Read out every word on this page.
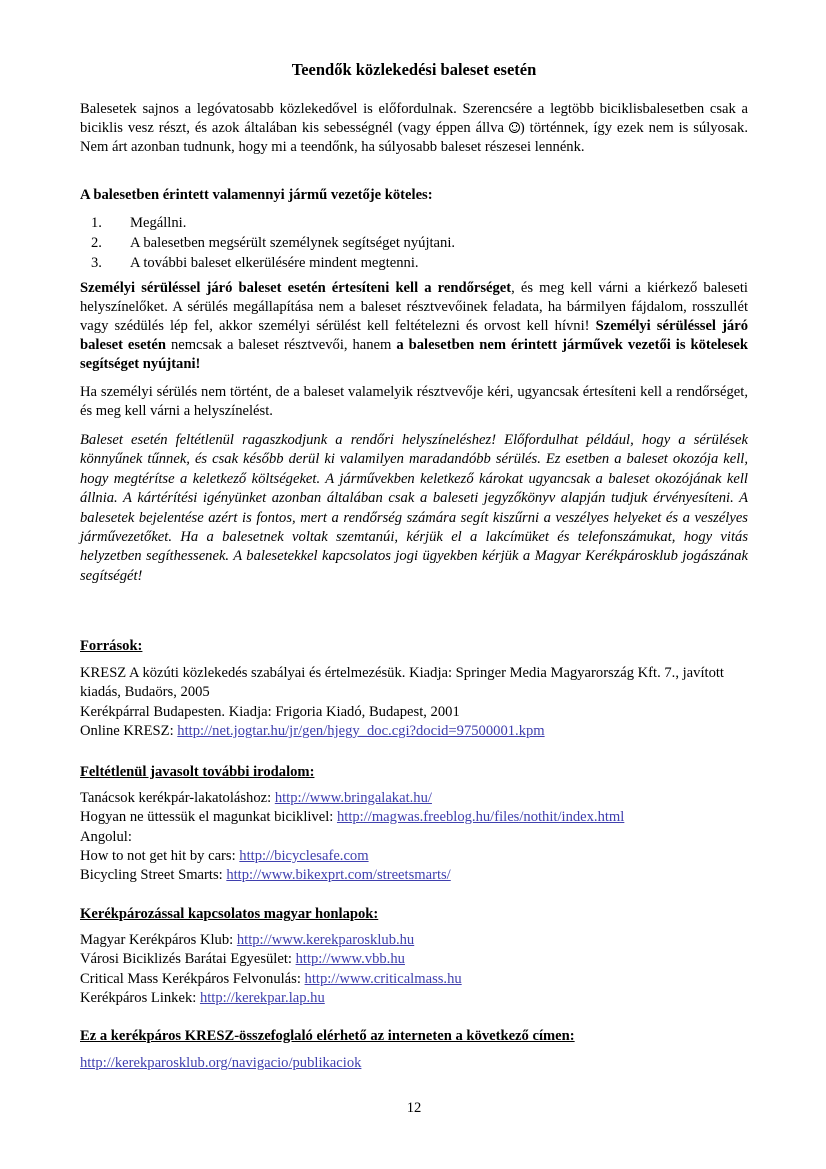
Teendők közlekedési baleset esetén

Balesetek sajnos a legóvatosabb közlekedővel is előfordulnak. Szerencsére a legtöbb biciklisbalesetben csak a biciklis vesz részt, és azok általában kis sebességnél (vagy éppen állva ) történnek, így ezek nem is súlyosak. Nem árt azonban tudnunk, hogy mi a teendőnk, ha súlyosabb baleset részesei lennénk.

A balesetben érintett valamennyi jármű vezetője köteles:

1. Megállni.
2. A balesetben megsérült személynek segítséget nyújtani.
3. A további baleset elkerülésére mindent megtenni.

Személyi sérüléssel járó baleset esetén értesíteni kell a rendőrséget, és meg kell várni a kiérkező baleseti helyszínelőket. A sérülés megállapítása nem a baleset résztvevőinek feladata, ha bármilyen fájdalom, rosszullét vagy szédülés lép fel, akkor személyi sérülést kell feltételezni és orvost kell hívni! Személyi sérüléssel járó baleset esetén nemcsak a baleset résztvevői, hanem a balesetben nem érintett járművek vezetői is kötelesek segítséget nyújtani!

Ha személyi sérülés nem történt, de a baleset valamelyik résztvevője kéri, ugyancsak értesíteni kell a rendőrséget, és meg kell várni a helyszínelést.

Baleset esetén feltétlenül ragaszkodjunk a rendőri helyszíneléshez! Előfordulhat például, hogy a sérülések könnyűnek tűnnek, és csak később derül ki valamilyen maradandóbb sérülés. Ez esetben a baleset okozója kell, hogy megtérítse a keletkező költségeket. A járművekben keletkező károkat ugyancsak a baleset okozójának kell állnia. A kártérítési igényünket azonban általában csak a baleseti jegyzőkönyv alapján tudjuk érvényesíteni. A balesetek bejelentése azért is fontos, mert a rendőrség számára segít kiszűrni a veszélyes helyeket és a veszélyes járművezetőket. Ha a balesetnek voltak szemtanúi, kérjük el a lakcímüket és telefonszámukat, hogy vitás helyzetben segíthessenek. A balesetekkel kapcsolatos jogi ügyekben kérjük a Magyar Kerékpárosklub jogászának segítségét!

Források:

KRESZ A közúti közlekedés szabályai és értelmezésük. Kiadja: Springer Media Magyarország Kft. 7., javított kiadás, Budaörs, 2005
Kerékpárral Budapesten. Kiadja: Frigoria Kiadó, Budapest, 2001
Online KRESZ: http://net.jogtar.hu/jr/gen/hjegy_doc.cgi?docid=97500001.kpm

Feltétlenül javasolt további irodalom:

Tanácsok kerékpár-lakatoláshoz: http://www.bringalakat.hu/
Hogyan ne üttessük el magunkat biciklivel: http://magwas.freeblog.hu/files/nothit/index.html
Angolul:
How to not get hit by cars: http://bicyclesafe.com
Bicycling Street Smarts: http://www.bikexprt.com/streetsmarts/

Kerékpározással kapcsolatos magyar honlapok:

Magyar Kerékpáros Klub: http://www.kerekparosklub.hu
Városi Biciklizés Barátai Egyesület: http://www.vbb.hu
Critical Mass Kerékpáros Felvonulás: http://www.criticalmass.hu
Kerékpáros Linkek: http://kerekpar.lap.hu

Ez a kerékpáros KRESZ-összefoglaló elérhető az interneten a következő címen:

http://kerekparosklub.org/navigacio/publikaciok
12
